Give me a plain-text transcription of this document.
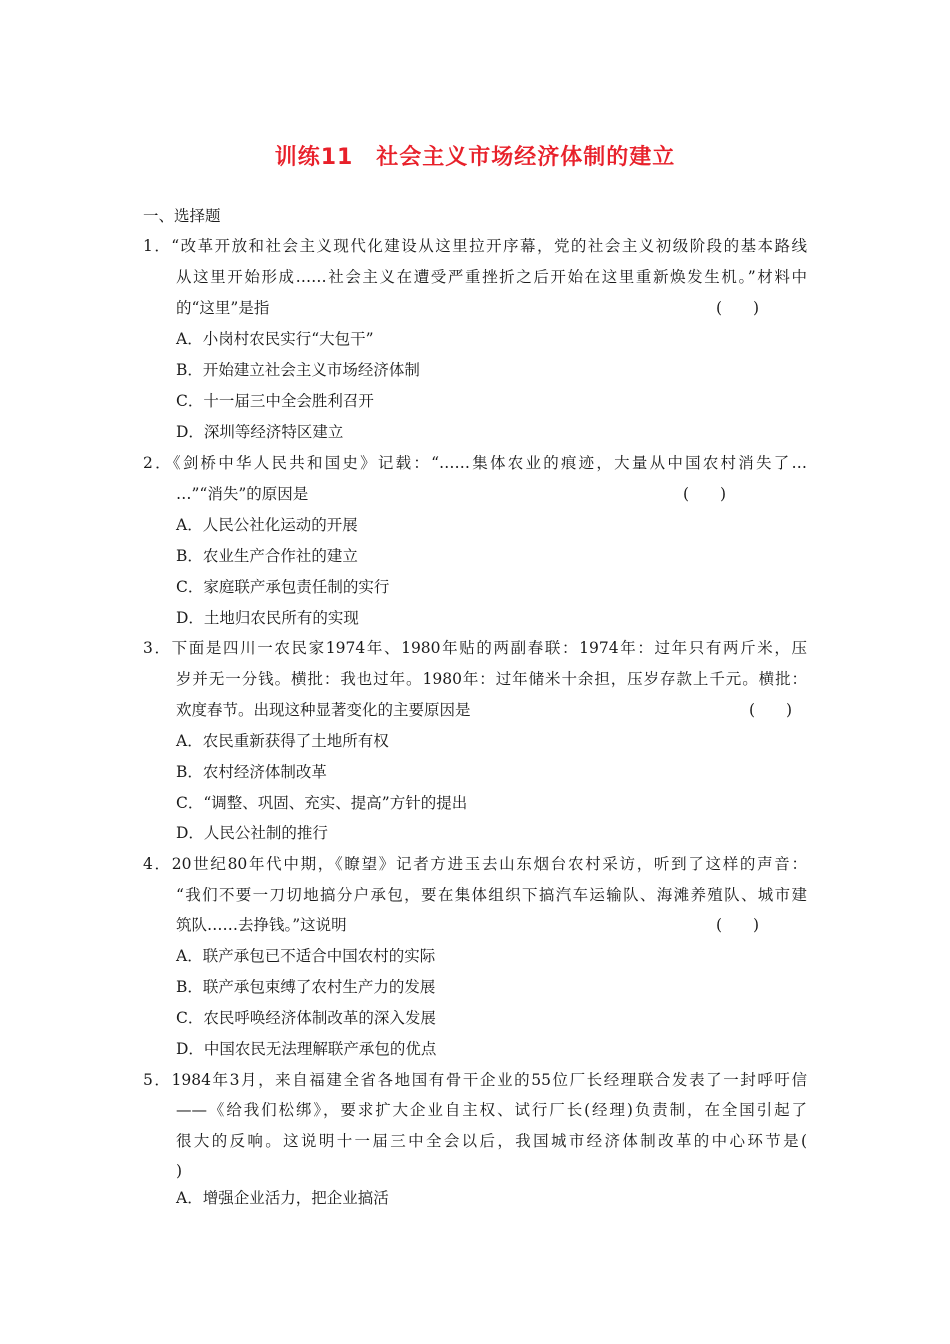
训练11　社会主义市场经济体制的建立
一、选择题
1．“改革开放和社会主义现代化建设从这里拉开序幕，党的社会主义初级阶段的基本路线
从这里开始形成……社会主义在遭受严重挫折之后开始在这里重新焕发生机。”材料中
的“这里”是指	(　　)
A．小岗村农民实行“大包干”
B．开始建立社会主义市场经济体制
C．十一届三中全会胜利召开
D．深圳等经济特区建立
2．《剑桥中华人民共和国史》记载：“……集体农业的痕迹，大量从中国农村消失了…
…”“消失”的原因是	(　　)
A．人民公社化运动的开展
B．农业生产合作社的建立
C．家庭联产承包责任制的实行
D．土地归农民所有的实现
3．下面是四川一农民家1974年、1980年贴的两副春联：1974年：过年只有两斤米，压
岁并无一分钱。横批：我也过年。1980年：过年储米十余担，压岁存款上千元。横批：
欢度春节。出现这种显著变化的主要原因是	(　　)
A．农民重新获得了土地所有权
B．农村经济体制改革
C．“调整、巩固、充实、提高”方针的提出
D．人民公社制的推行
4．20世纪80年代中期，《瞭望》记者方进玉去山东烟台农村采访，听到了这样的声音：
“我们不要一刀切地搞分户承包，要在集体组织下搞汽车运输队、海滩养殖队、城市建
筑队……去挣钱。”这说明	(　　)
A．联产承包已不适合中国农村的实际
B．联产承包束缚了农村生产力的发展
C．农民呼唤经济体制改革的深入发展
D．中国农民无法理解联产承包的优点
5．1984年3月，来自福建全省各地国有骨干企业的55位厂长经理联合发表了一封呼吁信
——《给我们松绑》，要求扩大企业自主权、试行厂长(经理)负责制，在全国引起了
很大的反响。这说明十一届三中全会以后，我国城市经济体制改革的中心环节是(
)
A．增强企业活力，把企业搞活
